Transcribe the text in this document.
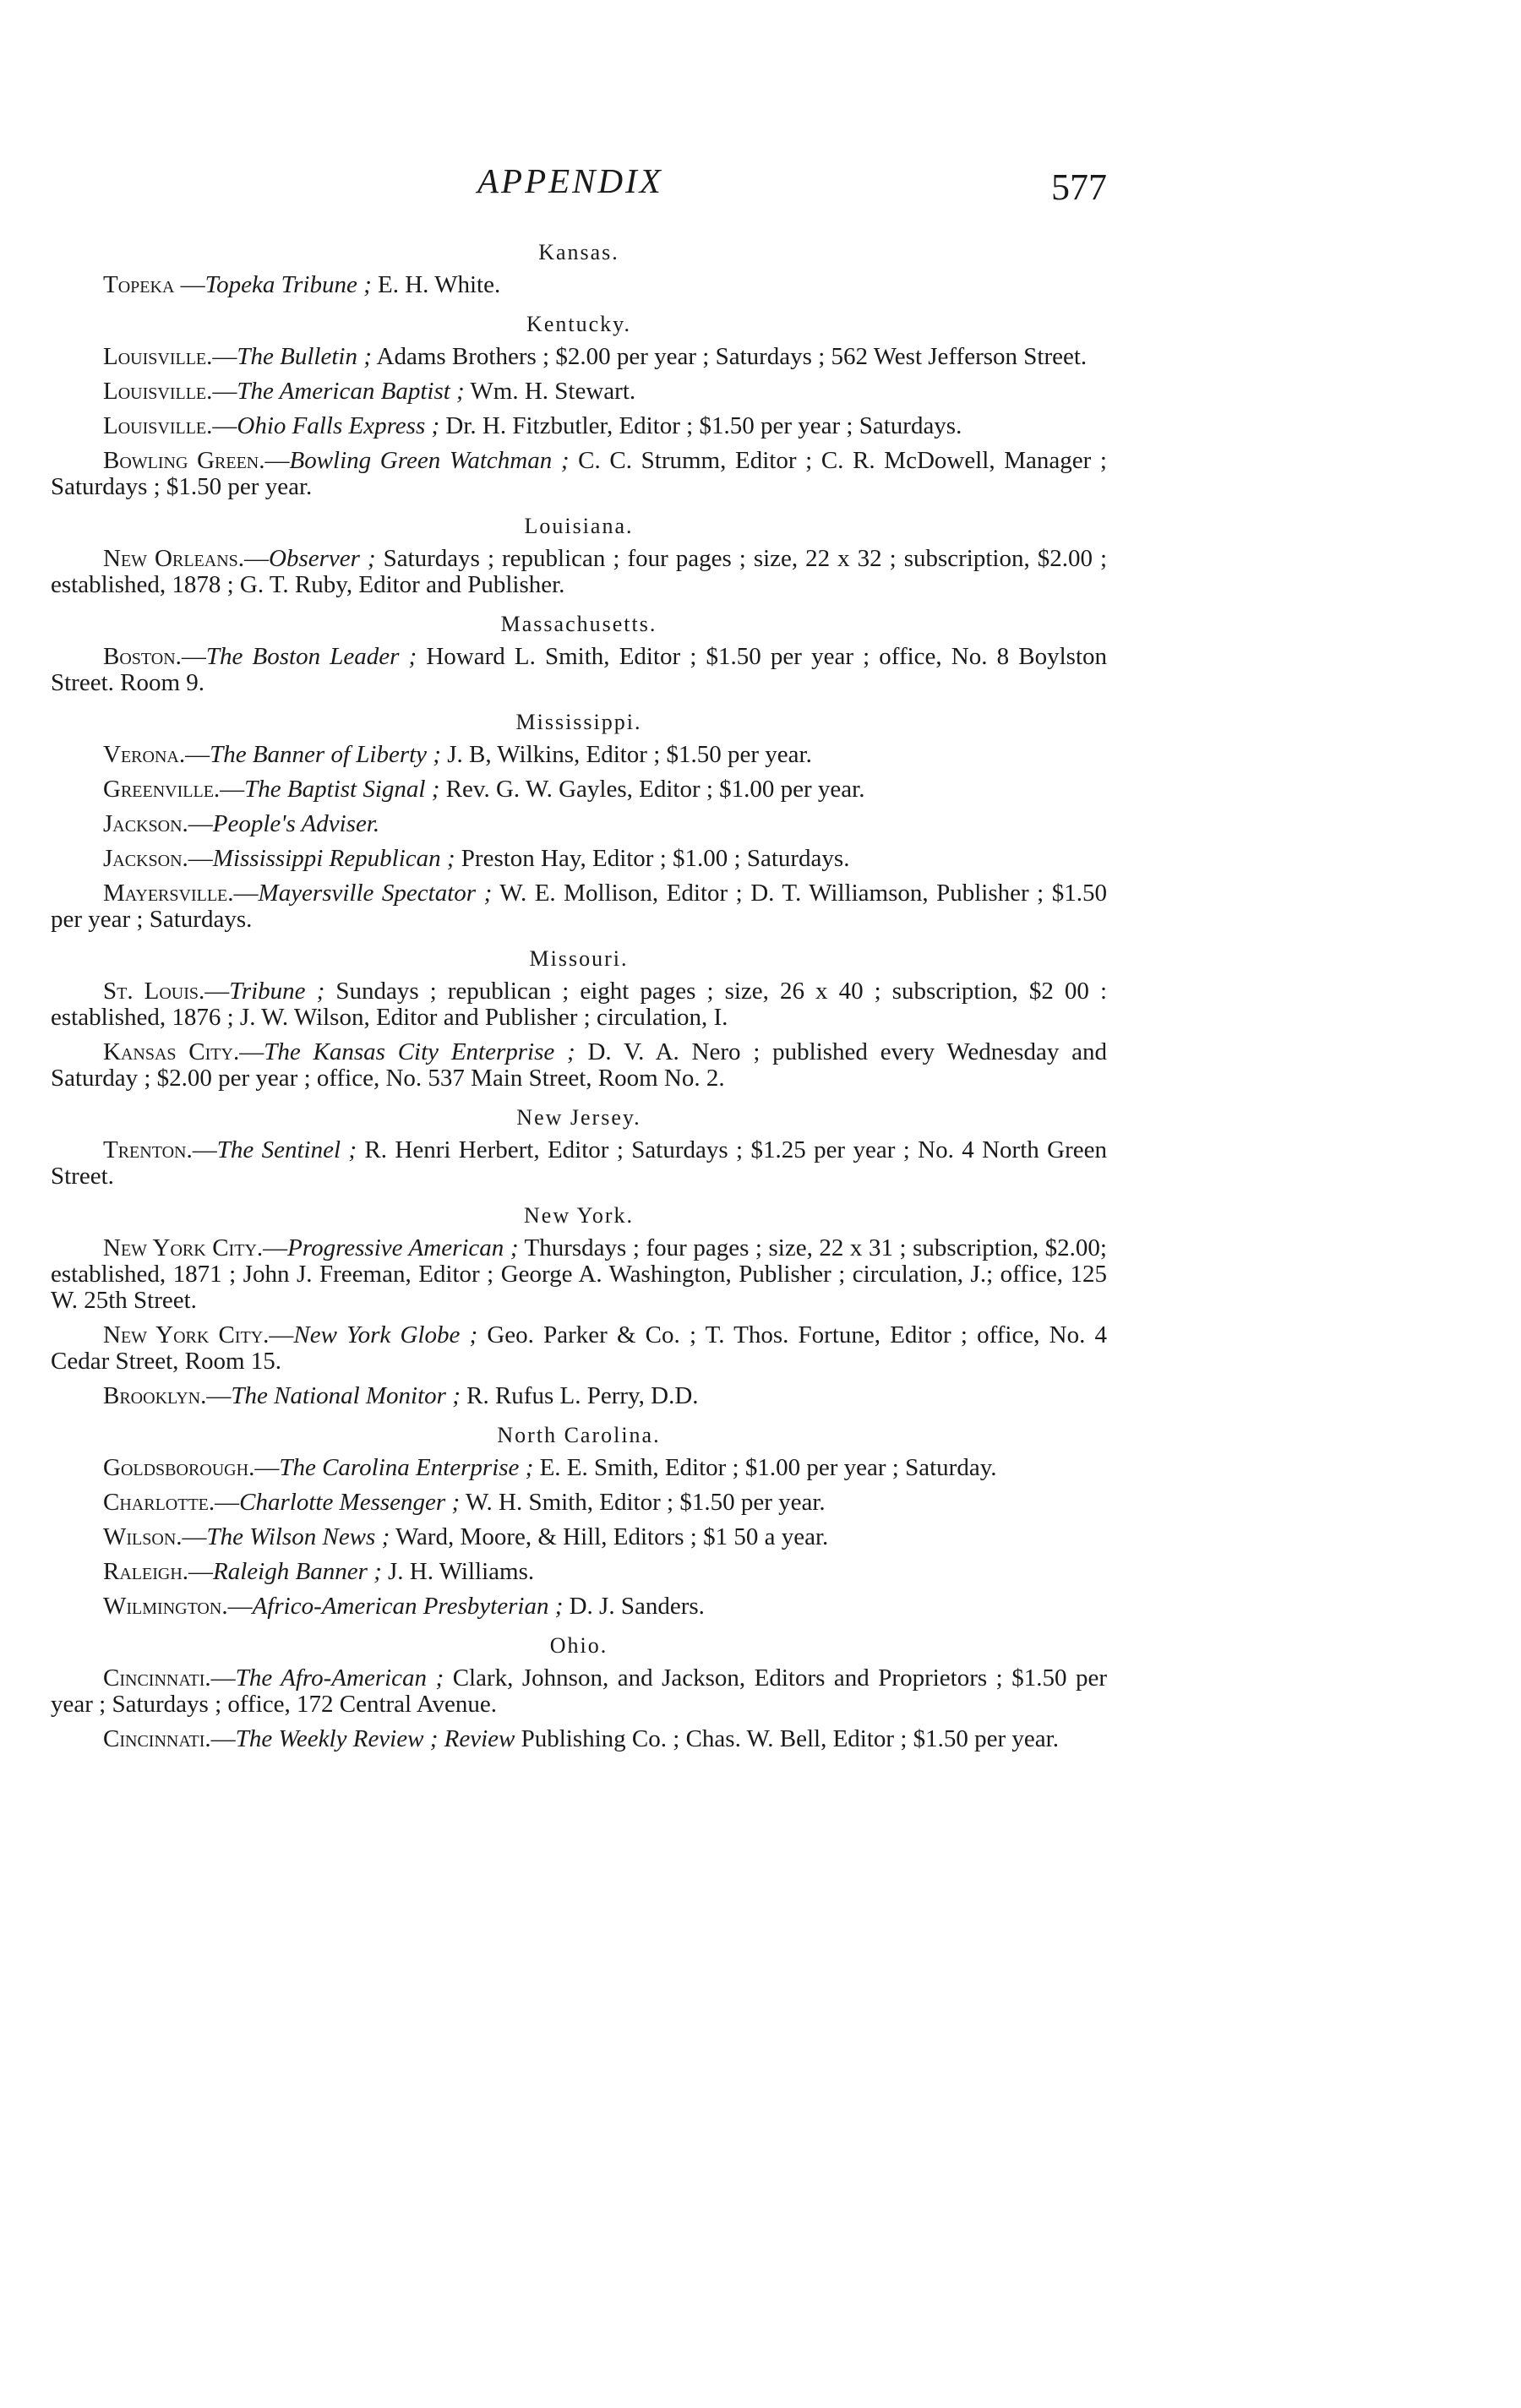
APPENDIX	577
Kansas.

Topeka —Topeka Tribune ; E. H. White.

Kentucky.

Louisville.—The Bulletin ; Adams Brothers ; $2.00 per year ; Saturdays ; 562 West Jefferson Street.

Louisville.—The American Baptist ; Wm. H. Stewart.

Louisville.—Ohio Falls Express ; Dr. H. Fitzbutler, Editor ; $1.50 per year ; Saturdays.

Bowling Green.—Bowling Green Watchman ; C. C. Strumm, Editor ; C. R. McDowell, Manager ; Saturdays ; $1.50 per year.

Louisiana.

New Orleans.—Observer ; Saturdays ; republican ; four pages ; size, 22 x 32 ; subscription, $2.00 ; established, 1878 ; G. T. Ruby, Editor and Publisher.

Massachusetts.

Boston.—The Boston Leader ; Howard L. Smith, Editor ; $1.50 per year ; office, No. 8 Boylston Street. Room 9.

Mississippi.

Verona.—The Banner of Liberty ; J. B, Wilkins, Editor ; $1.50 per year.

Greenville.—The Baptist Signal ; Rev. G. W. Gayles, Editor ; $1.00 per year.

Jackson.—People's Adviser.

Jackson.—Mississippi Republican ; Preston Hay, Editor ; $1.00 ; Saturdays.

Mayersville.—Mayersville Spectator ; W. E. Mollison, Editor ; D. T. Williamson, Publisher ; $1.50 per year ; Saturdays.

Missouri.

St. Louis.—Tribune ; Sundays ; republican ; eight pages ; size, 26 x 40 ; subscription, $2 00 : established, 1876 ; J. W. Wilson, Editor and Publisher ; circulation, I.

Kansas City.—The Kansas City Enterprise ; D. V. A. Nero ; published every Wednesday and Saturday ; $2.00 per year ; office, No. 537 Main Street, Room No. 2.

New Jersey.

Trenton.—The Sentinel ; R. Henri Herbert, Editor ; Saturdays ; $1.25 per year ; No. 4 North Green Street.

New York.

New York City.—Progressive American ; Thursdays ; four pages ; size, 22 x 31 ; subscription, $2.00; established, 1871 ; John J. Freeman, Editor ; George A. Washington, Publisher ; circulation, J.; office, 125 W. 25th Street.

New York City.—New York Globe ; Geo. Parker & Co. ; T. Thos. Fortune, Editor ; office, No. 4 Cedar Street, Room 15.

Brooklyn.—The National Monitor ; R. Rufus L. Perry, D.D.

North Carolina.

Goldsborough.—The Carolina Enterprise ; E. E. Smith, Editor ; $1.00 per year ; Saturday.

Charlotte.—Charlotte Messenger ; W. H. Smith, Editor ; $1.50 per year.

Wilson.—The Wilson News ; Ward, Moore, & Hill, Editors ; $1 50 a year.

Raleigh.—Raleigh Banner ; J. H. Williams.

Wilmington.—Africo-American Presbyterian ; D. J. Sanders.

Ohio.

Cincinnati.—The Afro-American ; Clark, Johnson, and Jackson, Editors and Proprietors ; $1.50 per year ; Saturdays ; office, 172 Central Avenue.

Cincinnati.—The Weekly Review ; Review Publishing Co. ; Chas. W. Bell, Editor ; $1.50 per year.
